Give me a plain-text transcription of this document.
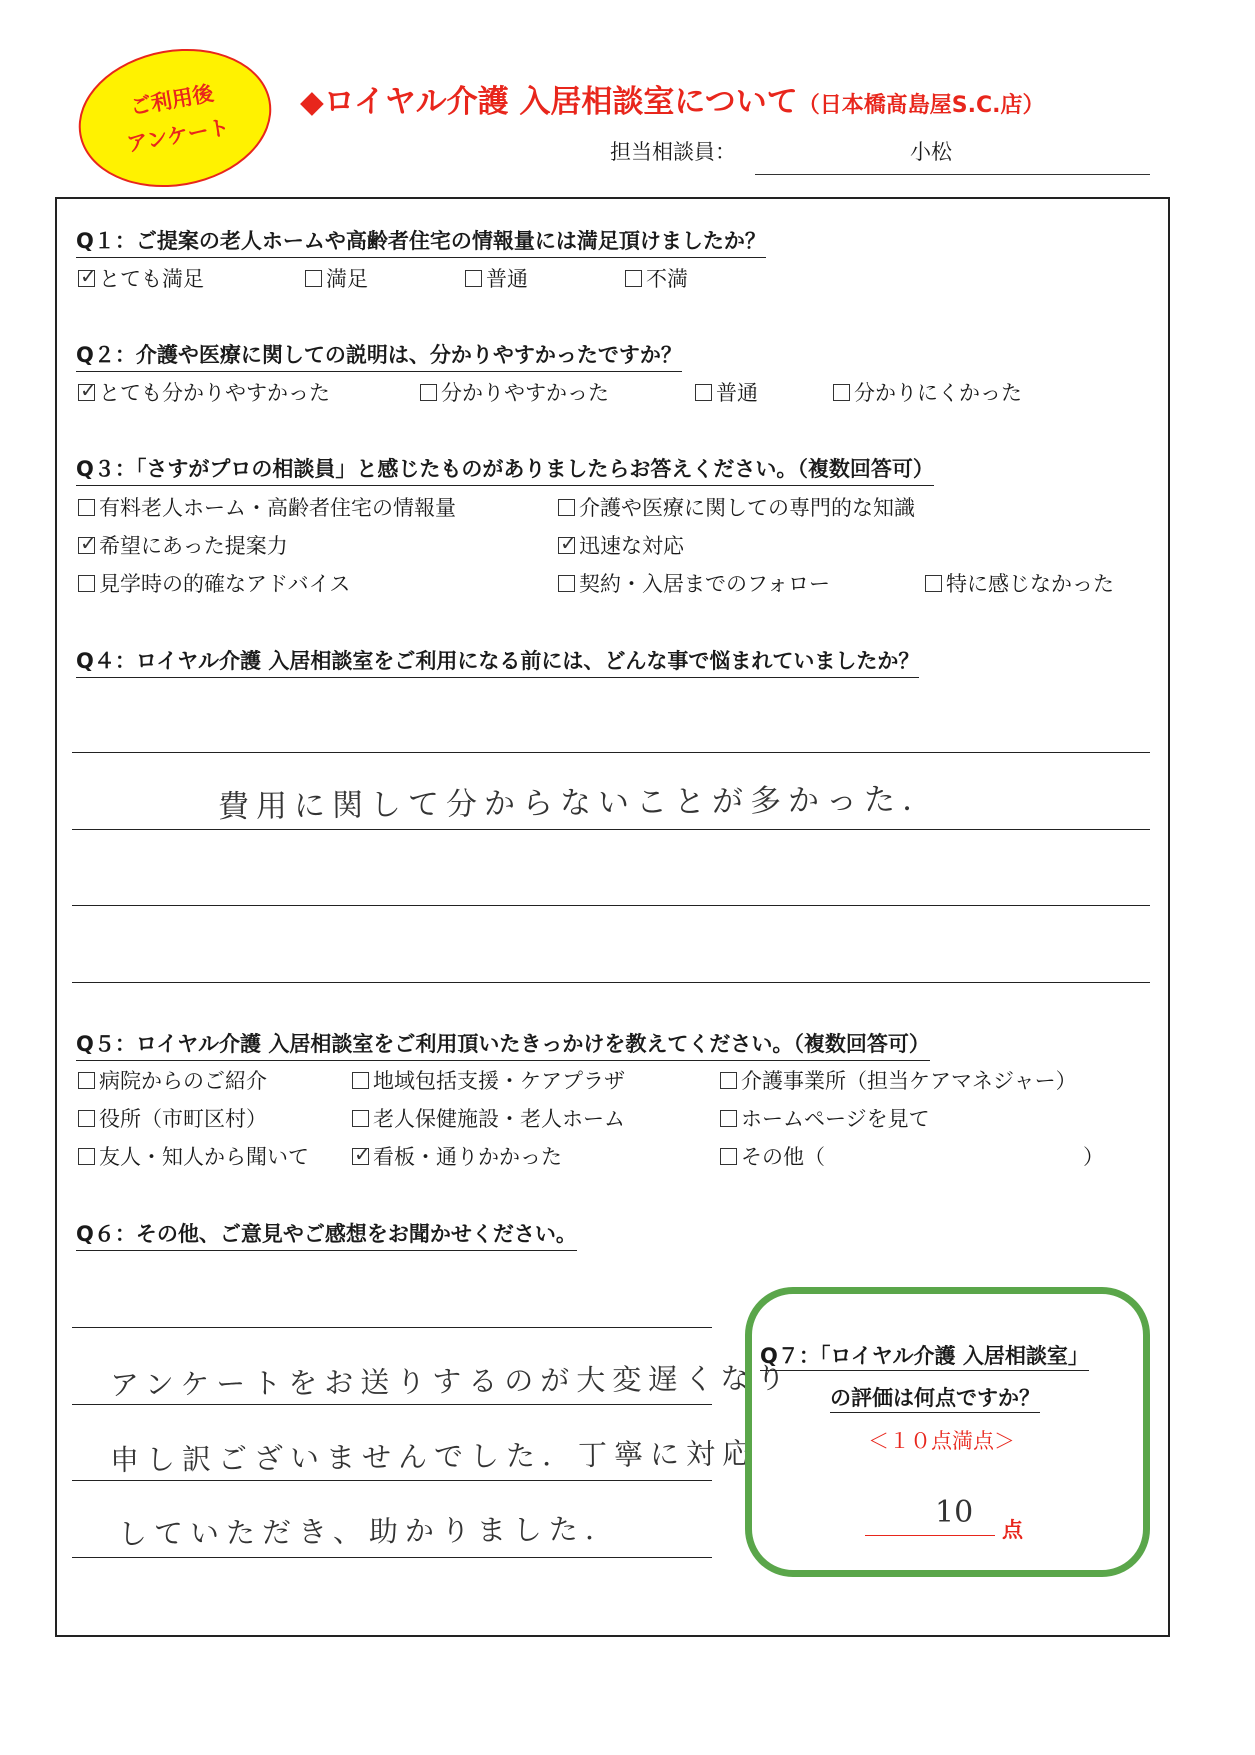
ご利用後
アンケート
◆ロイヤル介護 入居相談室について（日本橋髙島屋S.C.店）
担当相談員：	小松
Q１：ご提案の老人ホームや高齢者住宅の情報量には満足頂けましたか？
✓とても満足	満足	普通	不満
Q２：介護や医療に関しての説明は、分かりやすかったですか？
✓とても分かりやすかった	分かりやすかった	普通	分かりにくかった
Q３：「さすがプロの相談員」と感じたものがありましたらお答えください。（複数回答可）
有料老人ホーム・高齢者住宅の情報量	介護や医療に関しての専門的な知識
✓希望にあった提案力 ✓	迅速な対応
見学時の的確なアドバイス	契約・入居までのフォロー	特に感じなかった
Q４：ロイヤル介護 入居相談室をご利用になる前には、どんな事で悩まれていましたか？
費用に関して分からないことが多かった.
Q５：ロイヤル介護 入居相談室をご利用頂いたきっかけを教えてください。（複数回答可）
病院からのご紹介	地域包括支援・ケアプラザ	介護事業所（担当ケアマネジャー）
役所（市町区村）	老人保健施設・老人ホーム	ホームページを見て
友人・知人から聞いて ✓	看板・通りかかった	その他（	）
Q６：その他、ご意見やご感想をお聞かせください。
アンケートをお送りするのが大変遅くなり
申し訳ございませんでした．丁寧に対応
していただき、助かりました.
Q７：「ロイヤル介護 入居相談室」
の評価は何点ですか？
＜１０点満点＞
10 点
